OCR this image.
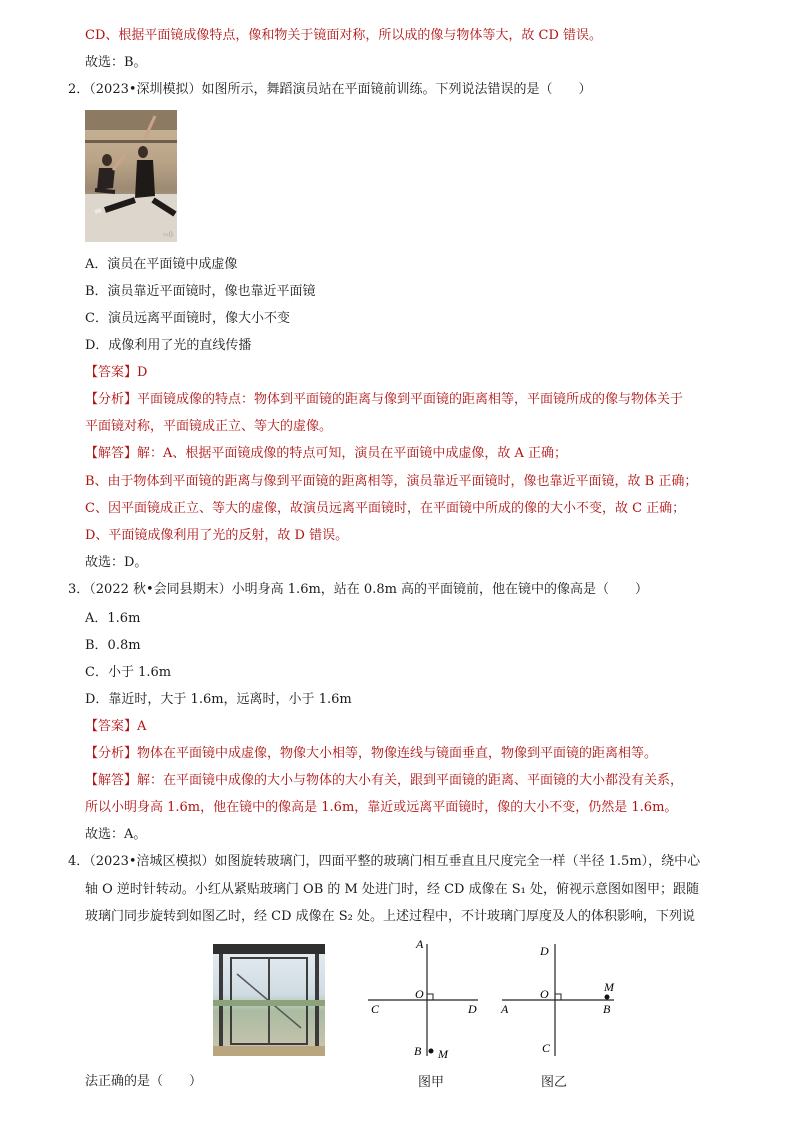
CD、根据平面镜成像特点，像和物关于镜面对称，所以成的像与物体等大，故 CD 错误。
故选：B。
2．（2023•深圳模拟）如图所示，舞蹈演员站在平面镜前训练。下列说法错误的是（　　）
⇨0
A．演员在平面镜中成虚像
B．演员靠近平面镜时，像也靠近平面镜
C．演员远离平面镜时，像大小不变
D．成像利用了光的直线传播
【答案】D
【分析】平面镜成像的特点：物体到平面镜的距离与像到平面镜的距离相等，平面镜所成的像与物体关于
平面镜对称，平面镜成正立、等大的虚像。
【解答】解：A、根据平面镜成像的特点可知，演员在平面镜中成虚像，故 A 正确；
B、由于物体到平面镜的距离与像到平面镜的距离相等，演员靠近平面镜时，像也靠近平面镜，故 B 正确；
C、因平面镜成正立、等大的虚像，故演员远离平面镜时，在平面镜中所成的像的大小不变，故 C 正确；
D、平面镜成像利用了光的反射，故 D 错误。
故选：D。
3．（2022 秋•会同县期末）小明身高 1.6m，站在 0.8m 高的平面镜前，他在镜中的像高是（　　）
A．1.6m
B．0.8m
C．小于 1.6m
D．靠近时，大于 1.6m，远离时，小于 1.6m
【答案】A
【分析】物体在平面镜中成虚像，物像大小相等，物像连线与镜面垂直，物像到平面镜的距离相等。
【解答】解：在平面镜中成像的大小与物体的大小有关，跟到平面镜的距离、平面镜的大小都没有关系，
所以小明身高 1.6m，他在镜中的像高是 1.6m，靠近或远离平面镜时，像的大小不变，仍然是 1.6m。
故选：A。
4．（2023•涪城区模拟）如图旋转玻璃门，四面平整的玻璃门相互垂直且尺度完全一样（半径 1.5m），绕中心
轴 O 逆时针转动。小红从紧贴玻璃门 OB 的 M 处进门时，经 CD 成像在 S₁ 处，俯视示意图如图甲；跟随
玻璃门同步旋转到如图乙时，经 CD 成像在 S₂ 处。上述过程中，不计玻璃门厚度及人的体积影响，下列说
A
B
C	D
O
M
图甲
D
C
A	B
O	M
图乙
法正确的是（　　）
